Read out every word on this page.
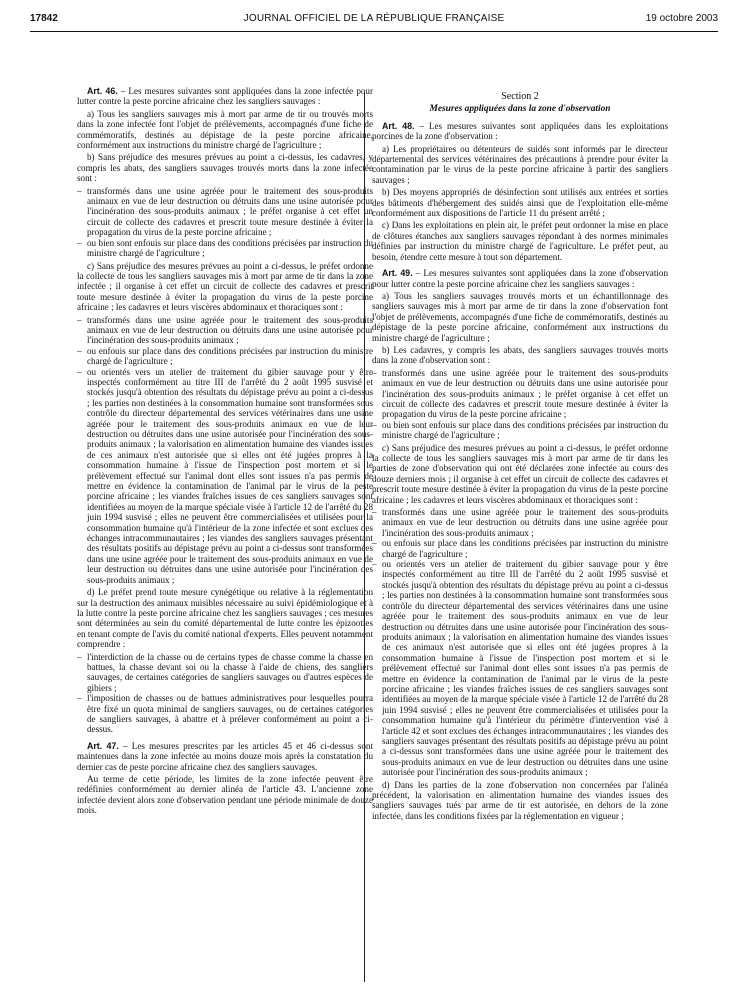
17842	JOURNAL OFFICIEL DE LA RÉPUBLIQUE FRANÇAISE	19 octobre 2003

Art. 46. – Les mesures suivantes sont appliquées dans la zone infectée pour lutter contre la peste porcine africaine chez les sangliers sauvages :

a) Tous les sangliers sauvages mis à mort par arme de tir ou trouvés morts dans la zone infectée font l'objet de prélèvements, accompagnés d'une fiche de commémoratifs, destinés au dépistage de la peste porcine africaine, conformément aux instructions du ministre chargé de l'agriculture ;

b) Sans préjudice des mesures prévues au point a ci-dessus, les cadavres, y compris les abats, des sangliers sauvages trouvés morts dans la zone infectée sont :

– transformés dans une usine agréée pour le traitement des sous-produits animaux en vue de leur destruction ou détruits dans une usine autorisée pour l'incinération des sous-produits animaux ; le préfet organise à cet effet un circuit de collecte des cadavres et prescrit toute mesure destinée à éviter la propagation du virus de la peste porcine africaine ;
– ou bien sont enfouis sur place dans des conditions précisées par instruction du ministre chargé de l'agriculture ;

c) Sans préjudice des mesures prévues au point a ci-dessus, le préfet ordonne la collecte de tous les sangliers sauvages mis à mort par arme de tir dans la zone infectée ; il organise à cet effet un circuit de collecte des cadavres et prescrit toute mesure destinée à éviter la propagation du virus de la peste porcine africaine ; les cadavres et leurs viscères abdominaux et thoraciques sont :

– transformés dans une usine agréée pour le traitement des sous-produits animaux en vue de leur destruction ou détruits dans une usine autorisée pour l'incinération des sous-produits animaux ;
– ou enfouis sur place dans des conditions précisées par instruction du ministre chargé de l'agriculture ;
– ou orientés vers un atelier de traitement du gibier sauvage pour y être inspectés conformément au titre III de l'arrêté du 2 août 1995 susvisé et stockés jusqu'à obtention des résultats du dépistage prévu au point a ci-dessus ; les parties non destinées à la consommation humaine sont transformées sous contrôle du directeur départemental des services vétérinaires dans une usine agréée pour le traitement des sous-produits animaux en vue de leur destruction ou détruites dans une usine autorisée pour l'incinération des sous-produits animaux ; la valorisation en alimentation humaine des viandes issues de ces animaux n'est autorisée que si elles ont été jugées propres à la consommation humaine à l'issue de l'inspection post mortem et si le prélèvement effectué sur l'animal dont elles sont issues n'a pas permis de mettre en évidence la contamination de l'animal par le virus de la peste porcine africaine ; les viandes fraîches issues de ces sangliers sauvages sont identifiées au moyen de la marque spéciale visée à l'article 12 de l'arrêté du 28 juin 1994 susvisé ; elles ne peuvent être commercialisées et utilisées pour la consommation humaine qu'à l'intérieur de la zone infectée et sont exclues des échanges intracommunautaires ; les viandes des sangliers sauvages présentant des résultats positifs au dépistage prévu au point a ci-dessus sont transformées dans une usine agréée pour le traitement des sous-produits animaux en vue de leur destruction ou détruites dans une usine autorisée pour l'incinération des sous-produits animaux ;

d) Le préfet prend toute mesure cynégétique ou relative à la réglementation sur la destruction des animaux nuisibles nécessaire au suivi épidémiologique et à la lutte contre la peste porcine africaine chez les sangliers sauvages ; ces mesures sont déterminées au sein du comité départemental de lutte contre les épizooties en tenant compte de l'avis du comité national d'experts. Elles peuvent notamment comprendre :

– l'interdiction de la chasse ou de certains types de chasse comme la chasse en battues, la chasse devant soi ou la chasse à l'aide de chiens, des sangliers sauvages, de certaines catégories de sangliers sauvages ou d'autres espèces de gibiers ;
– l'imposition de chasses ou de battues administratives pour lesquelles pourra être fixé un quota minimal de sangliers sauvages, ou de certaines catégories de sangliers sauvages, à abattre et à prélever conformément au point a ci-dessus.

Art. 47. – Les mesures prescrites par les articles 45 et 46 ci-dessus sont maintenues dans la zone infectée au moins douze mois après la constatation du dernier cas de peste porcine africaine chez des sangliers sauvages.

Au terme de cette période, les limites de la zone infectée peuvent être redéfinies conformément au dernier alinéa de l'article 43. L'ancienne zone infectée devient alors zone d'observation pendant une période minimale de douze mois.

Section 2
Mesures appliquées dans la zone d'observation

Art. 48. – Les mesures suivantes sont appliquées dans les exploitations porcines de la zone d'observation :

a) Les propriétaires ou détenteurs de suidés sont informés par le directeur départemental des services vétérinaires des précautions à prendre pour éviter la contamination par le virus de la peste porcine africaine à partir des sangliers sauvages ;

b) Des moyens appropriés de désinfection sont utilisés aux entrées et sorties des bâtiments d'hébergement des suidés ainsi que de l'exploitation elle-même conformément aux dispositions de l'article 11 du présent arrêté ;

c) Dans les exploitations en plein air, le préfet peut ordonner la mise en place de clôtures étanches aux sangliers sauvages répondant à des normes minimales définies par instruction du ministre chargé de l'agriculture. Le préfet peut, au besoin, étendre cette mesure à tout son département.

Art. 49. – Les mesures suivantes sont appliquées dans la zone d'observation pour lutter contre la peste porcine africaine chez les sangliers sauvages :

a) Tous les sangliers sauvages trouvés morts et un échantillonnage des sangliers sauvages mis à mort par arme de tir dans la zone d'observation font l'objet de prélèvements, accompagnés d'une fiche de commémoratifs, destinés au dépistage de la peste porcine africaine, conformément aux instructions du ministre chargé de l'agriculture ;

b) Les cadavres, y compris les abats, des sangliers sauvages trouvés morts dans la zone d'observation sont :

– transformés dans une usine agréée pour le traitement des sous-produits animaux en vue de leur destruction ou détruits dans une usine autorisée pour l'incinération des sous-produits animaux ; le préfet organise à cet effet un circuit de collecte des cadavres et prescrit toute mesure destinée à éviter la propagation du virus de la peste porcine africaine ;
– ou bien sont enfouis sur place dans des conditions précisées par instruction du ministre chargé de l'agriculture ;

c) Sans préjudice des mesures prévues au point a ci-dessus, le préfet ordonne la collecte de tous les sangliers sauvages mis à mort par arme de tir dans les parties de zone d'observation qui ont été déclarées zone infectée au cours des douze derniers mois ; il organise à cet effet un circuit de collecte des cadavres et prescrit toute mesure destinée à éviter la propagation du virus de la peste porcine africaine ; les cadavres et leurs viscères abdominaux et thoraciques sont :

– transformés dans une usine agréée pour le traitement des sous-produits animaux en vue de leur destruction ou détruits dans une usine agréée pour l'incinération des sous-produits animaux ;
– ou enfouis sur place dans les conditions précisées par instruction du ministre chargé de l'agriculture ;
– ou orientés vers un atelier de traitement du gibier sauvage pour y être inspectés conformément au titre III de l'arrêté du 2 août 1995 susvisé et stockés jusqu'à obtention des résultats du dépistage prévu au point a ci-dessus ; les parties non destinées à la consommation humaine sont transformées sous contrôle du directeur départemental des services vétérinaires dans une usine agréée pour le traitement des sous-produits animaux en vue de leur destruction ou détruites dans une usine autorisée pour l'incinération des sous-produits animaux ; la valorisation en alimentation humaine des viandes issues de ces animaux n'est autorisée que si elles ont été jugées propres à la consommation humaine à l'issue de l'inspection post mortem et si le prélèvement effectué sur l'animal dont elles sont issues n'a pas permis de mettre en évidence la contamination de l'animal par le virus de la peste porcine africaine ; les viandes fraîches issues de ces sangliers sauvages sont identifiées au moyen de la marque spéciale visée à l'article 12 de l'arrêté du 28 juin 1994 susvisé ; elles ne peuvent être commercialisées et utilisées pour la consommation humaine qu'à l'intérieur du périmètre d'intervention visé à l'article 42 et sont exclues des échanges intracommunautaires ; les viandes des sangliers sauvages présentant des résultats positifs au dépistage prévu au point a ci-dessus sont transformées dans une usine agréée pour le traitement des sous-produits animaux en vue de leur destruction ou détruites dans une usine autorisée pour l'incinération des sous-produits animaux ;

d) Dans les parties de la zone d'observation non concernées par l'alinéa précédent, la valorisation en alimentation humaine des viandes issues des sangliers sauvages tués par arme de tir est autorisée, en dehors de la zone infectée, dans les conditions fixées par la réglementation en vigueur ;
